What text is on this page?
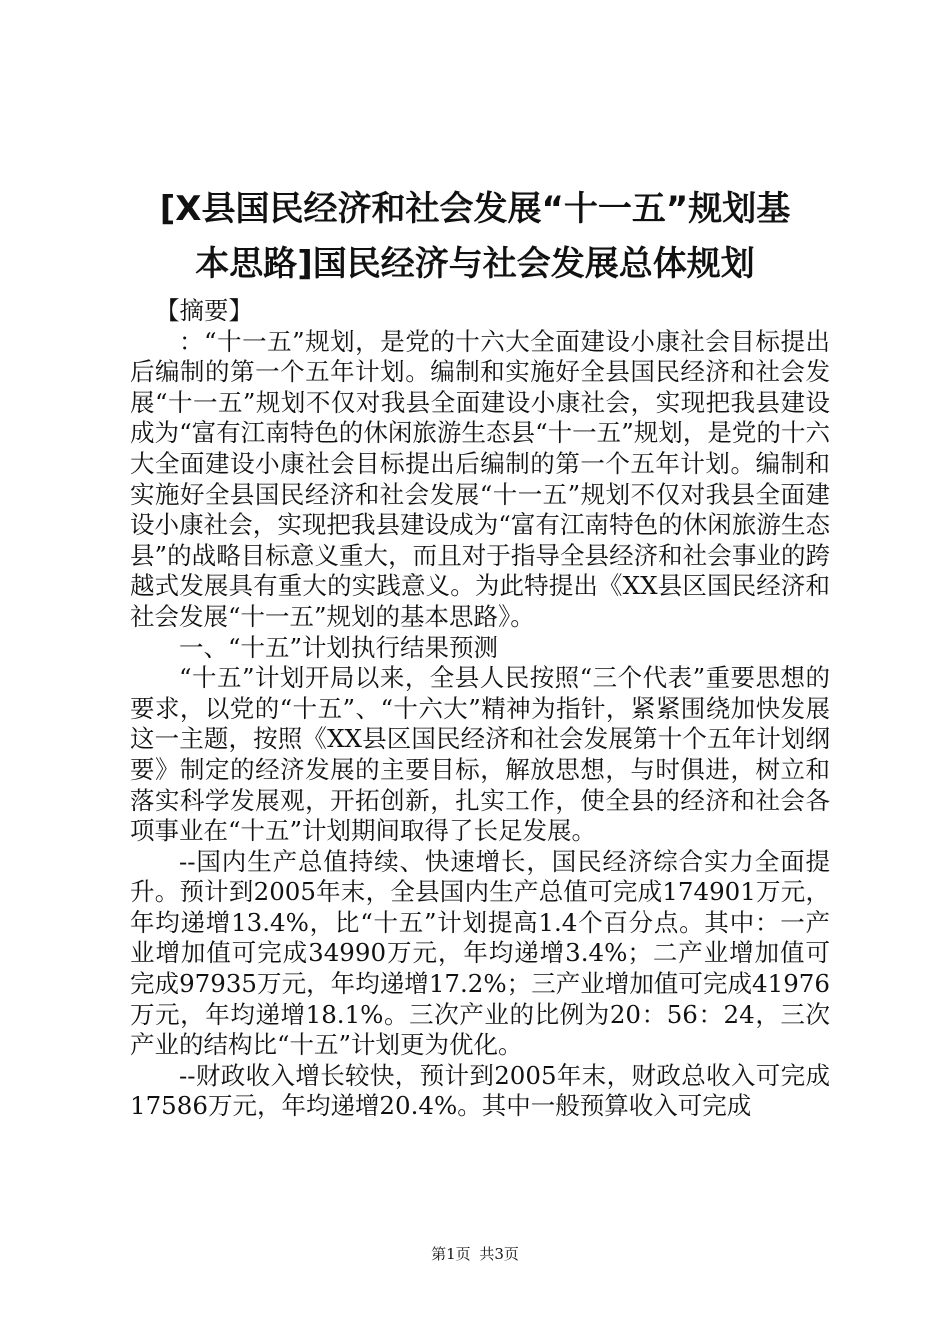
[X县国民经济和社会发展“十一五”规划基
本思路]国民经济与社会发展总体规划

【摘要】

：“十一五”规划，是党的十六大全面建设小康社会目标提出后编制的第一个五年计划。编制和实施好全县国民经济和社会发展“十一五”规划不仅对我县全面建设小康社会，实现把我县建设成为“富有江南特色的休闲旅游生态县“十一五”规划，是党的十六大全面建设小康社会目标提出后编制的第一个五年计划。编制和实施好全县国民经济和社会发展“十一五”规划不仅对我县全面建设小康社会，实现把我县建设成为“富有江南特色的休闲旅游生态县”的战略目标意义重大，而且对于指导全县经济和社会事业的跨越式发展具有重大的实践意义。为此特提出《XX县区国民经济和社会发展“十一五”规划的基本思路》。

一、“十五”计划执行结果预测

“十五”计划开局以来，全县人民按照“三个代表”重要思想的要求，以党的“十五”、“十六大”精神为指针，紧紧围绕加快发展这一主题，按照《XX县区国民经济和社会发展第十个五年计划纲要》制定的经济发展的主要目标，解放思想，与时俱进，树立和落实科学发展观，开拓创新，扎实工作，使全县的经济和社会各项事业在“十五”计划期间取得了长足发展。

--国内生产总值持续、快速增长，国民经济综合实力全面提升。预计到2005年末，全县国内生产总值可完成174901万元，年均递增13.4%，比“十五”计划提高1.4个百分点。其中：一产业增加值可完成34990万元，年均递增3.4%；二产业增加值可完成97935万元，年均递增17.2%；三产业增加值可完成41976万元，年均递增18.1%。三次产业的比例为20：56：24，三次产业的结构比“十五”计划更为优化。

--财政收入增长较快，预计到2005年末，财政总收入可完成17586万元，年均递增20.4%。其中一般预算收入可完成

第1页 共3页
